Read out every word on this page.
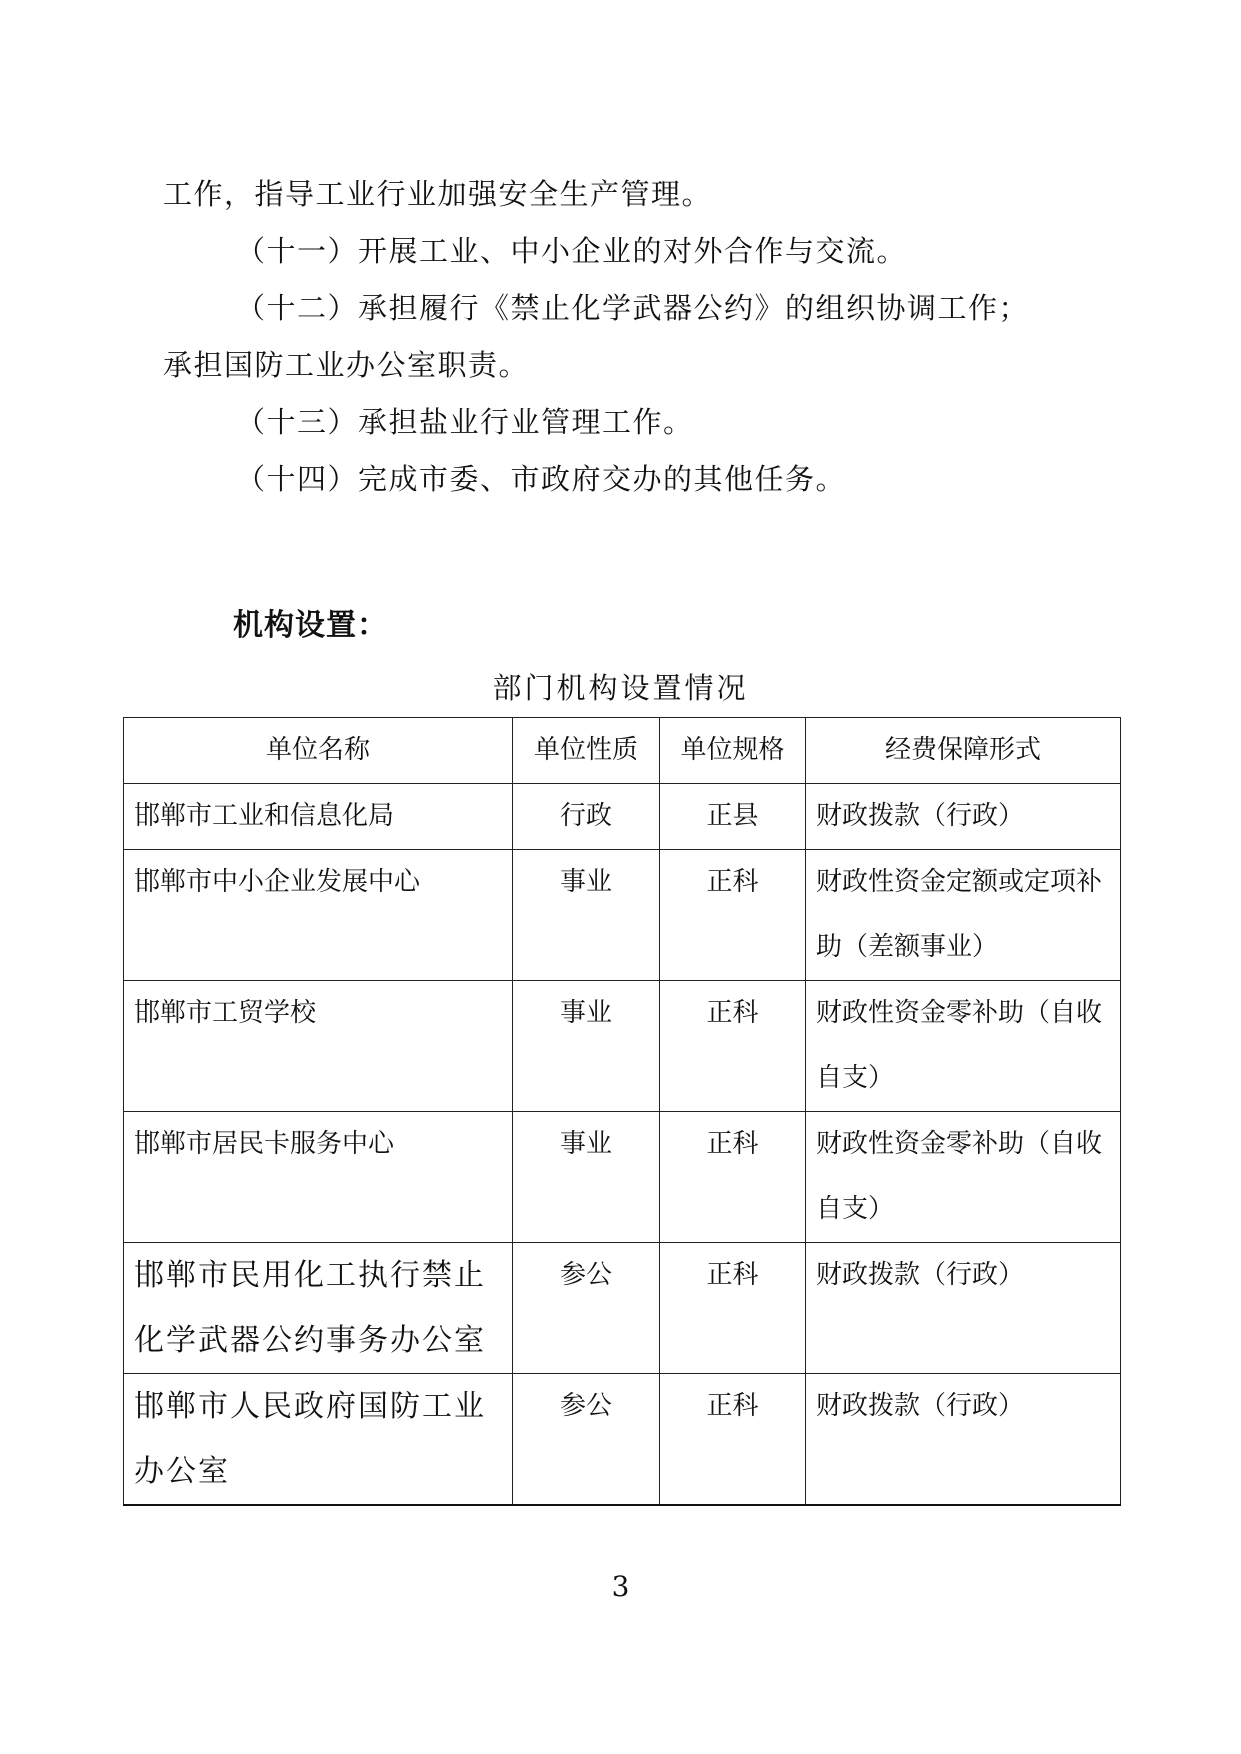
工作，指导工业行业加强安全生产管理。
（十一）开展工业、中小企业的对外合作与交流。
（十二）承担履行《禁止化学武器公约》的组织协调工作；
承担国防工业办公室职责。
（十三）承担盐业行业管理工作。
（十四）完成市委、市政府交办的其他任务。
机构设置：
部门机构设置情况
单位名称	单位性质	单位规格	经费保障形式
邯郸市工业和信息化局	行政	正县	财政拨款（行政）
邯郸市中小企业发展中心	事业	正科	财政性资金定额或定项补助（差额事业）
邯郸市工贸学校	事业	正科	财政性资金零补助（自收自支）
邯郸市居民卡服务中心	事业	正科	财政性资金零补助（自收自支）
邯郸市民用化工执行禁止化学武器公约事务办公室	参公	正科	财政拨款（行政）
邯郸市人民政府国防工业办公室	参公	正科	财政拨款（行政）
3
